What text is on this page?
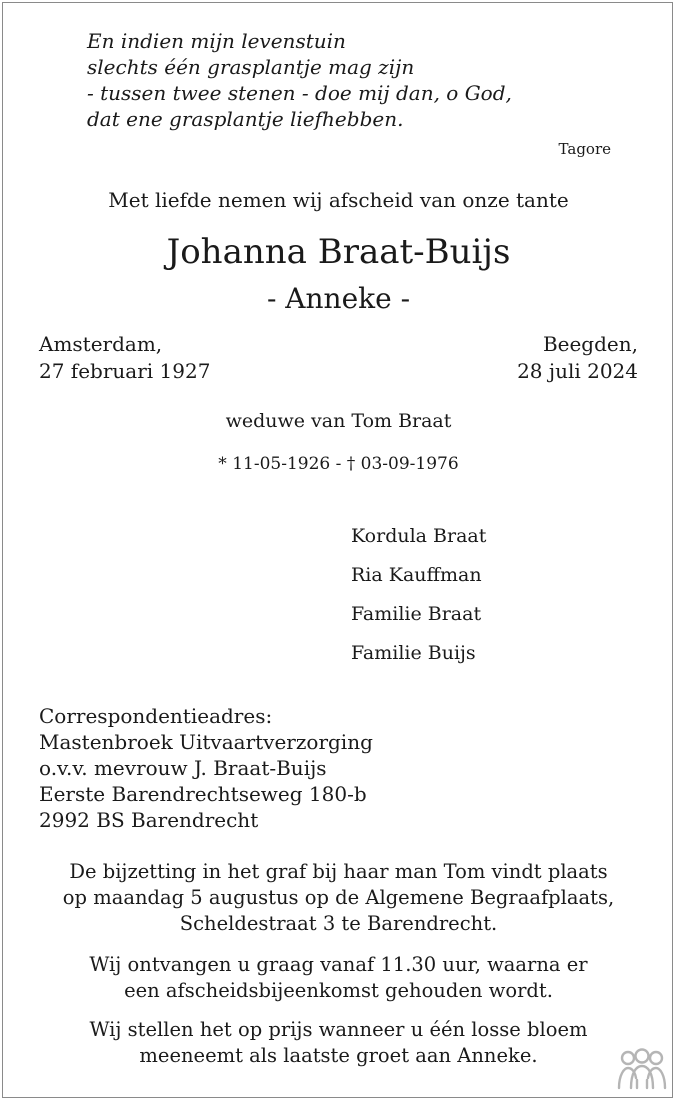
En indien mijn levenstuin
slechts één grasplantje mag zijn
- tussen twee stenen - doe mij dan, o God,
dat ene grasplantje liefhebben.
Tagore
Met liefde nemen wij afscheid van onze tante
Johanna Braat-Buijs
- Anneke -
Amsterdam,
27 februari 1927
Beegden,
28 juli 2024
weduwe van Tom Braat
* 11-05-1926 - † 03-09-1976
Kordula Braat
Ria Kauffman
Familie Braat
Familie Buijs
Correspondentieadres:
Mastenbroek Uitvaartverzorging
o.v.v. mevrouw J. Braat-Buijs
Eerste Barendrechtseweg 180-b
2992 BS Barendrecht
De bijzetting in het graf bij haar man Tom vindt plaats
op maandag 5 augustus op de Algemene Begraafplaats,
Scheldestraat 3 te Barendrecht.
Wij ontvangen u graag vanaf 11.30 uur, waarna er
een afscheidsbijeenkomst gehouden wordt.
Wij stellen het op prijs wanneer u één losse bloem
meeneemt als laatste groet aan Anneke.
